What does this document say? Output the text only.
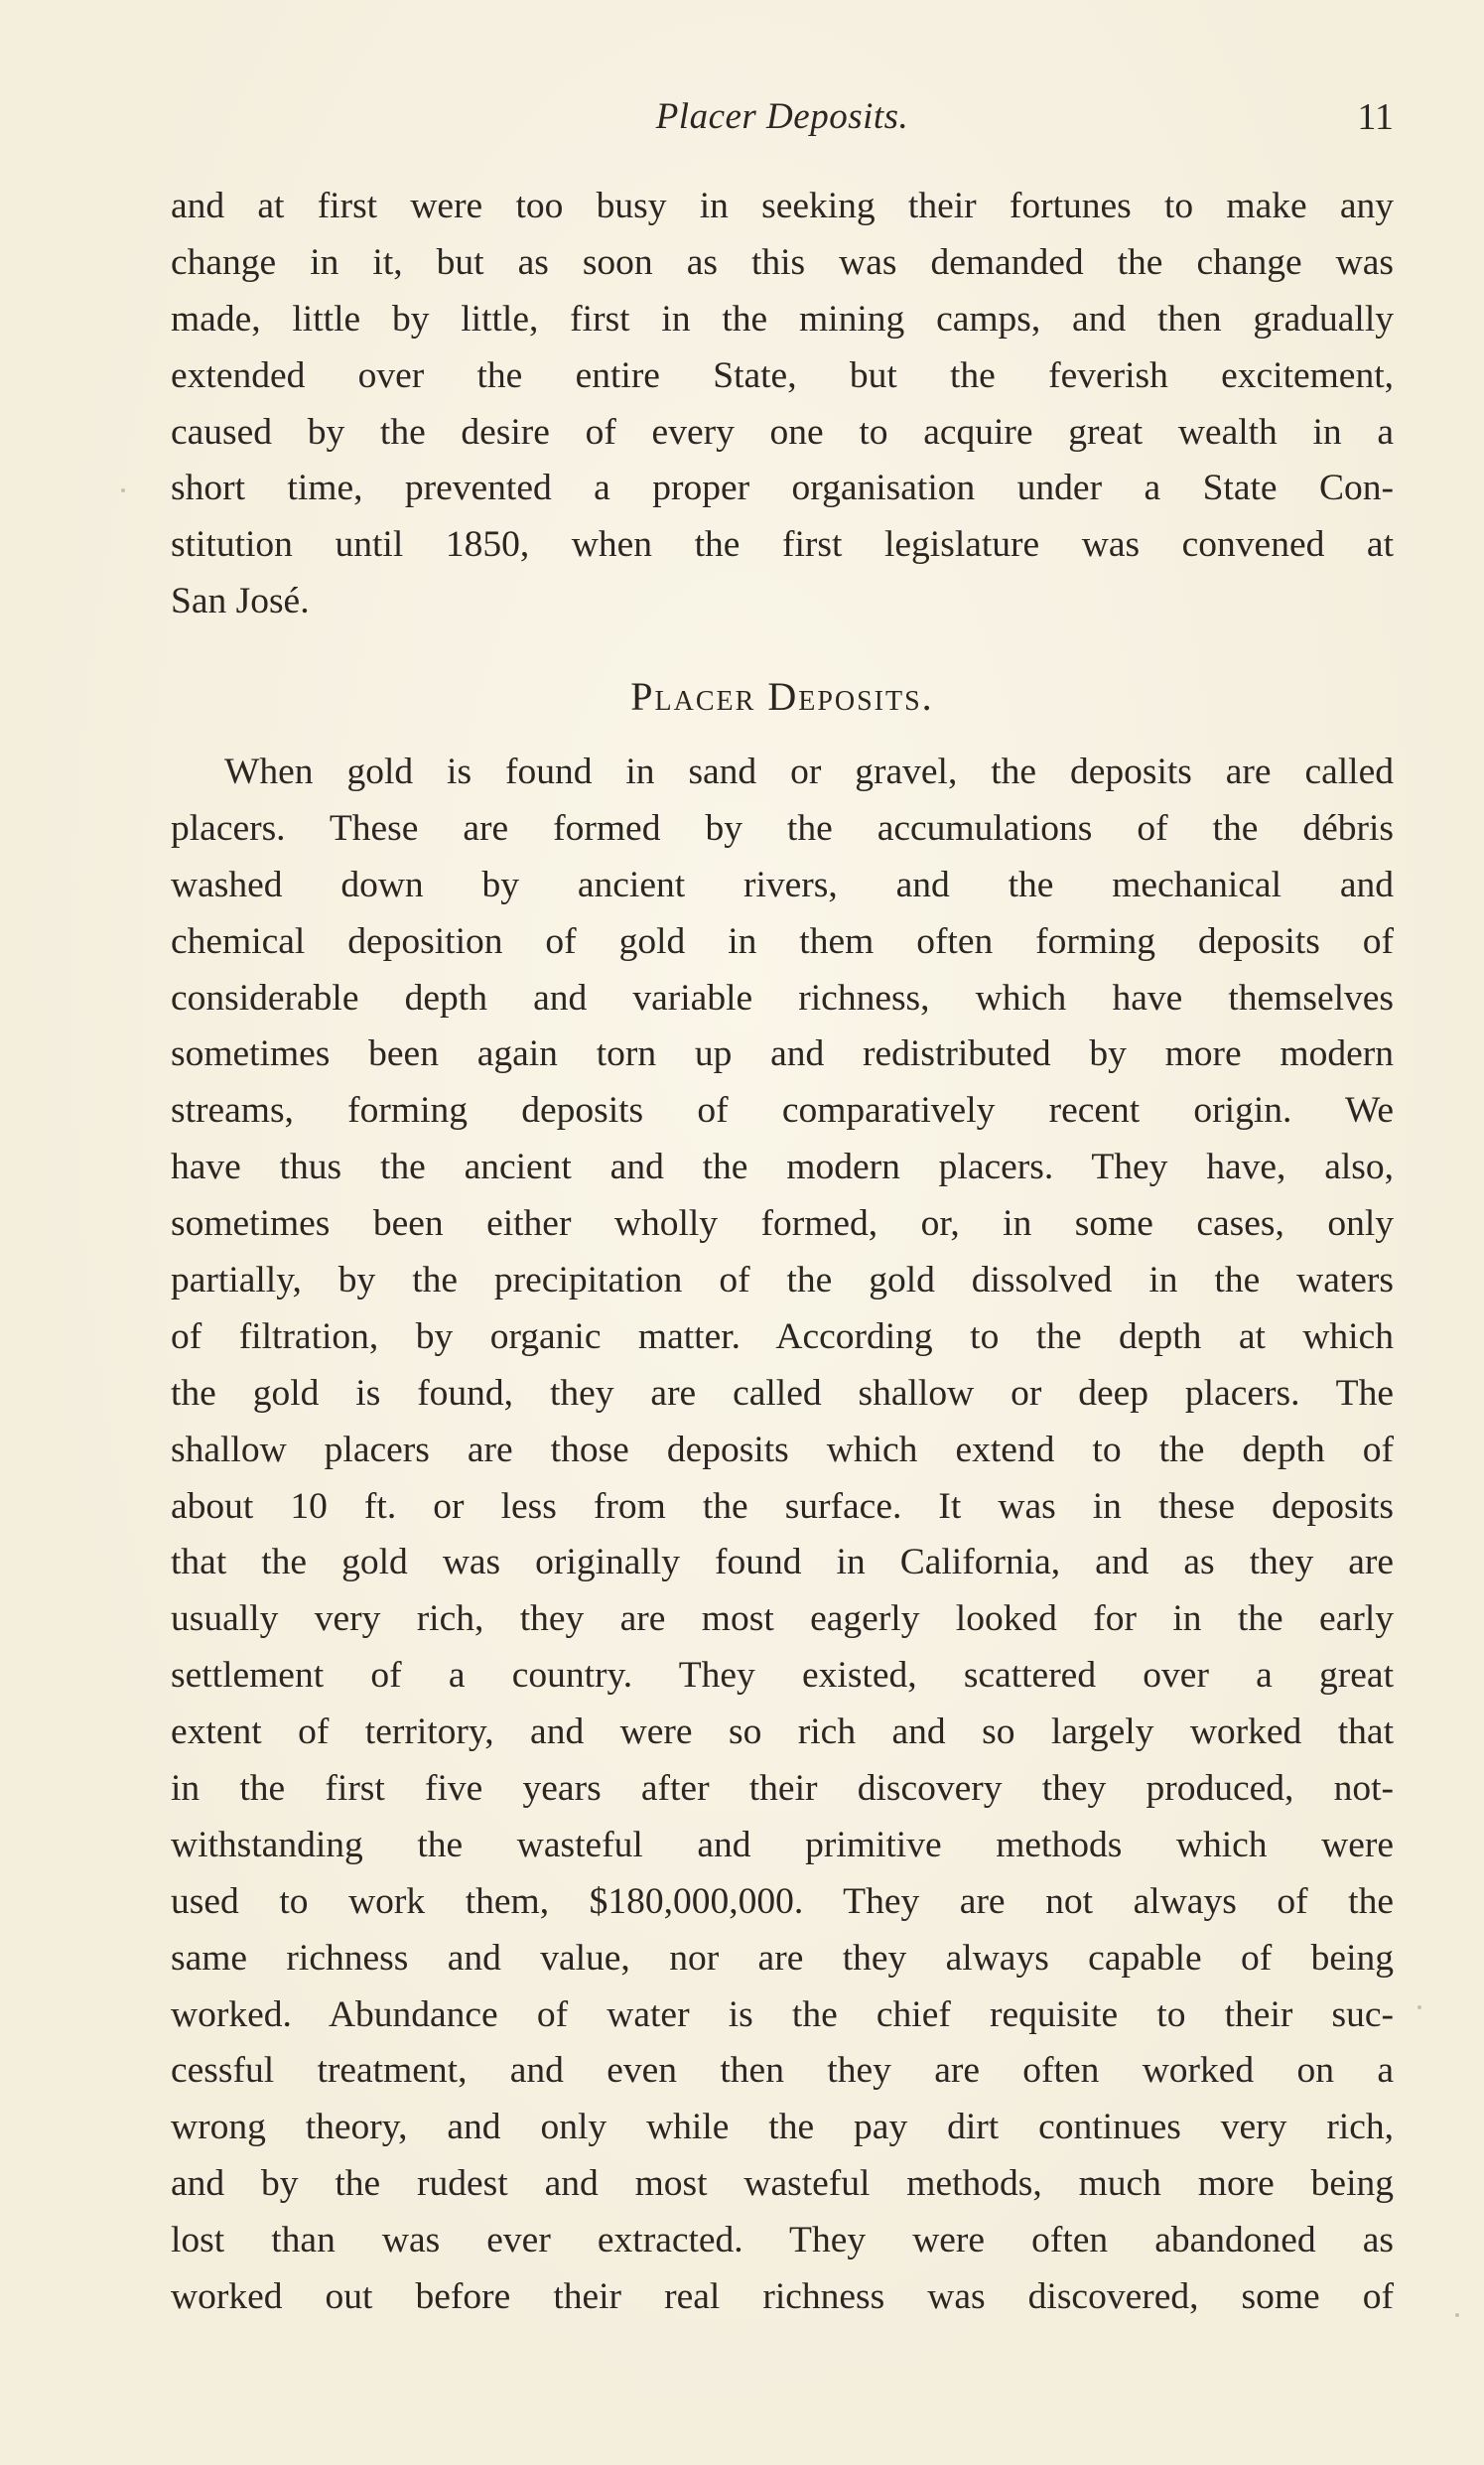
Placer Deposits.	11
and at first were too busy in seeking their fortunes to make any
change in it, but as soon as this was demanded the change was
made, little by little, first in the mining camps, and then gradually
extended over the entire State, but the feverish excitement,
caused by the desire of every one to acquire great wealth in a
short time, prevented a proper organisation under a State Con-
stitution until 1850, when the first legislature was convened at
San José.
Placer Deposits.
When gold is found in sand or gravel, the deposits are called
placers. These are formed by the accumulations of the débris
washed down by ancient rivers, and the mechanical and
chemical deposition of gold in them often forming deposits of
considerable depth and variable richness, which have themselves
sometimes been again torn up and redistributed by more modern
streams, forming deposits of comparatively recent origin. We
have thus the ancient and the modern placers. They have, also,
sometimes been either wholly formed, or, in some cases, only
partially, by the precipitation of the gold dissolved in the waters
of filtration, by organic matter. According to the depth at which
the gold is found, they are called shallow or deep placers. The
shallow placers are those deposits which extend to the depth of
about 10 ft. or less from the surface. It was in these deposits
that the gold was originally found in California, and as they are
usually very rich, they are most eagerly looked for in the early
settlement of a country. They existed, scattered over a great
extent of territory, and were so rich and so largely worked that
in the first five years after their discovery they produced, not-
withstanding the wasteful and primitive methods which were
used to work them, $180,000,000. They are not always of the
same richness and value, nor are they always capable of being
worked. Abundance of water is the chief requisite to their suc-
cessful treatment, and even then they are often worked on a
wrong theory, and only while the pay dirt continues very rich,
and by the rudest and most wasteful methods, much more being
lost than was ever extracted. They were often abandoned as
worked out before their real richness was discovered, some of
